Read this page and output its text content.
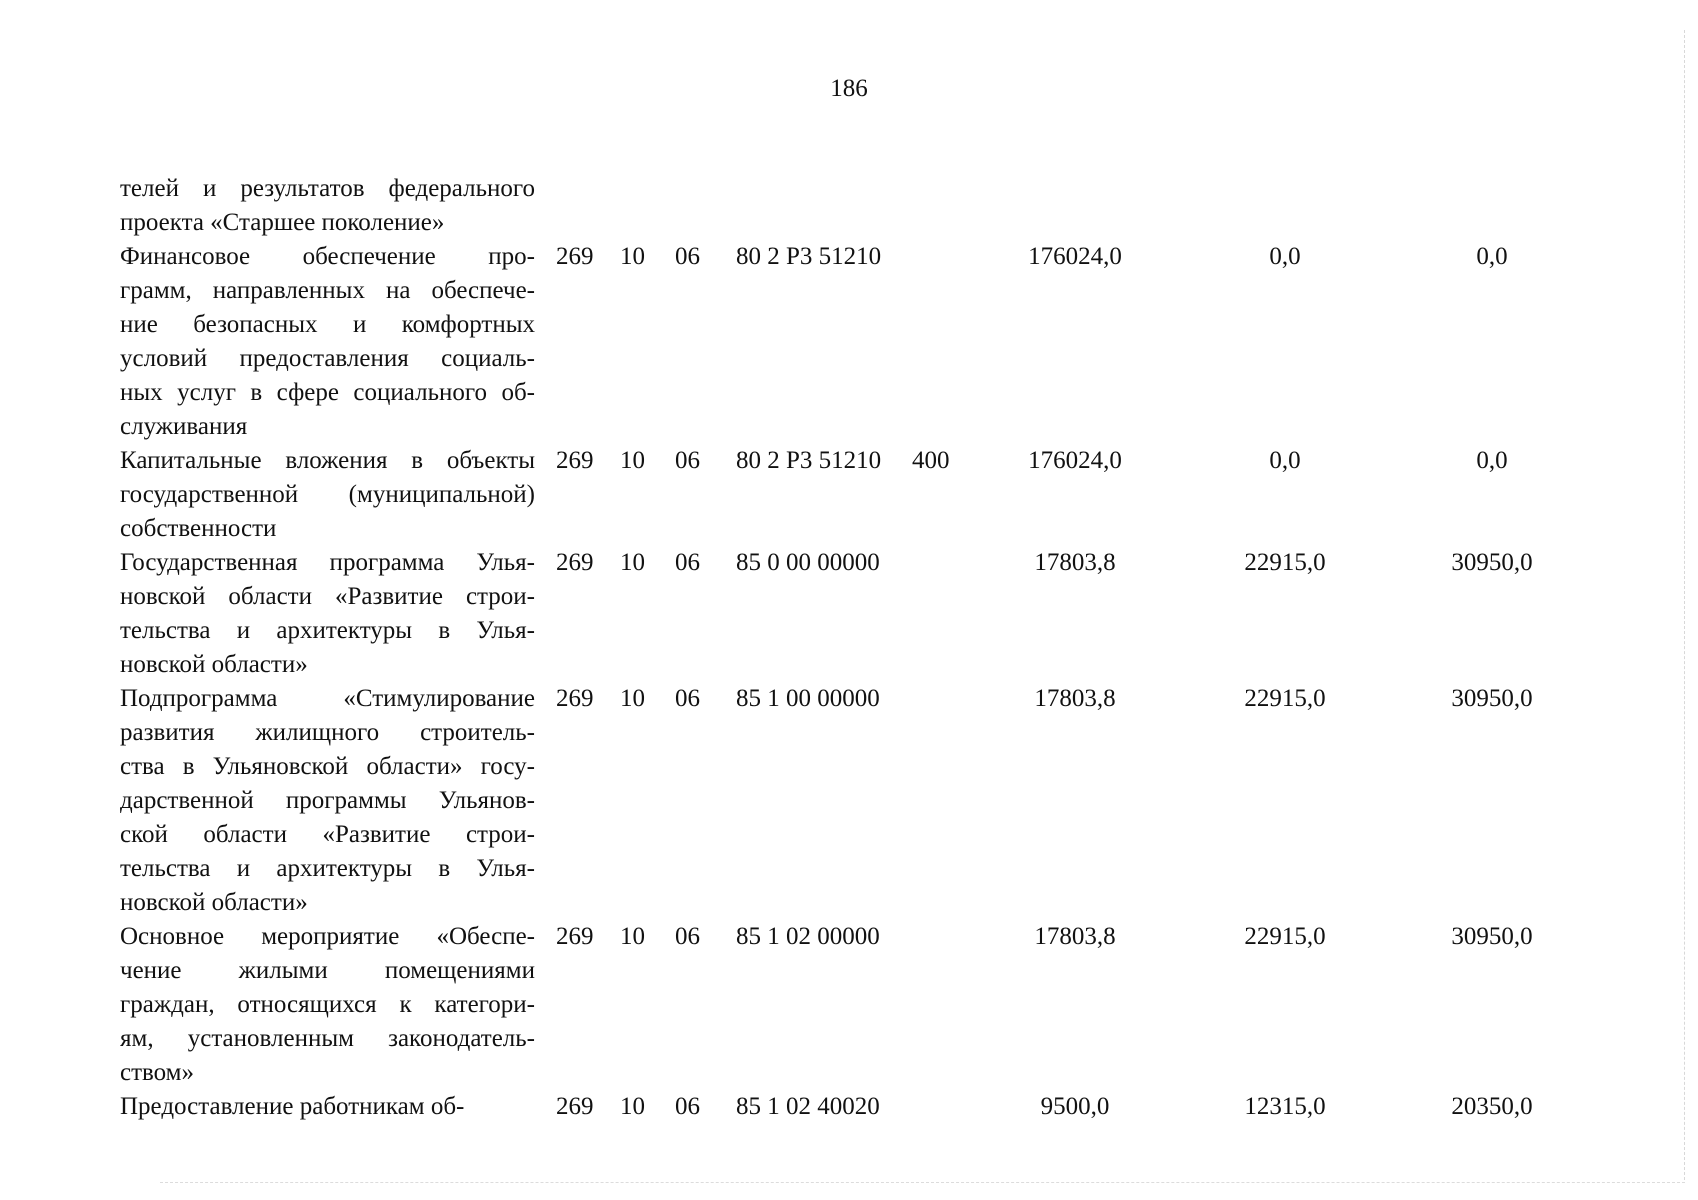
186
телей и результатов федерального
проекта «Старшее поколение»
Финансовое обеспечение про-
грамм, направленных на обеспече-
ние безопасных и комфортных
условий предоставления социаль-
ных услуг в сфере социального об-
служивания
269 10 06 80 2 P3 51210	176024,0	0,0	0,0
Капитальные вложения в объекты
государственной (муниципальной)
собственности
269 10 06 80 2 P3 51210 400	176024,0	0,0	0,0
Государственная программа Улья-
новской области «Развитие строи-
тельства и архитектуры в Улья-
новской области»
269 10 06 85 0 00 00000	17803,8	22915,0	30950,0
Подпрограмма «Стимулирование
развития жилищного строитель-
ства в Ульяновской области» госу-
дарственной программы Ульянов-
ской области «Развитие строи-
тельства и архитектуры в Улья-
новской области»
269 10 06 85 1 00 00000	17803,8	22915,0	30950,0
Основное мероприятие «Обеспе-
чение жилыми помещениями
граждан, относящихся к категори-
ям, установленным законодатель-
ством»
269 10 06 85 1 02 00000	17803,8	22915,0	30950,0
Предоставление работникам об-	269 10 06 85 1 02 40020	9500,0	12315,0	20350,0
